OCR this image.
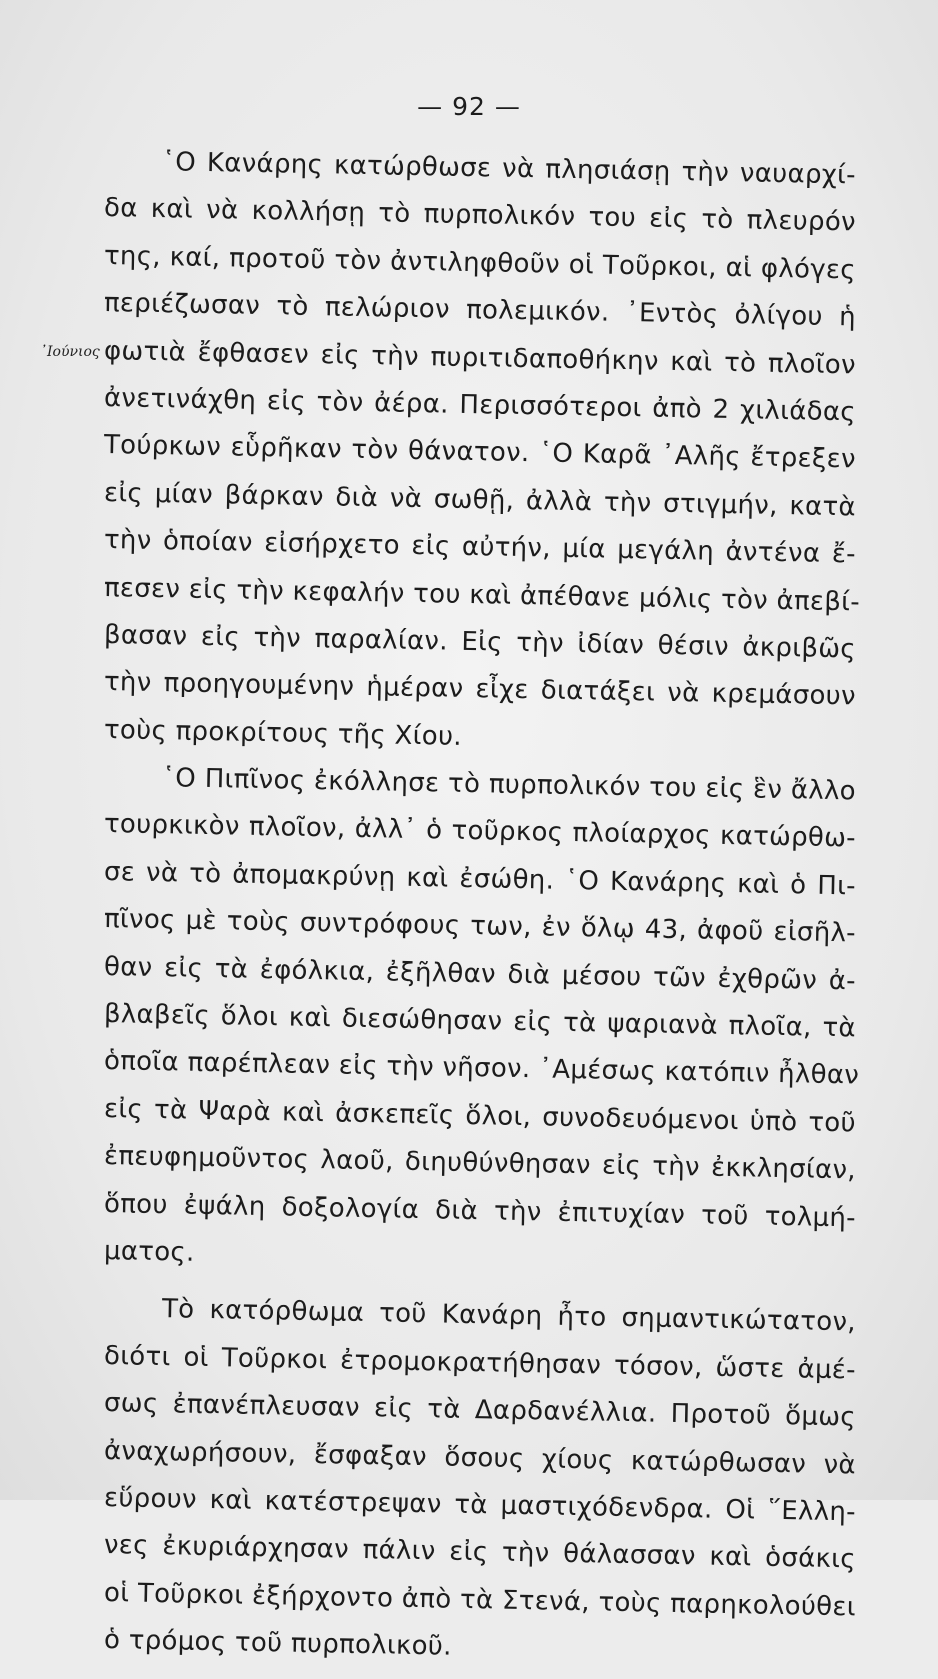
— 92 —
᾿Ιούνιος
῾Ο Κανάρης κατώρθωσε νὰ πλησιάσῃ τὴν ναυαρχί-
δα καὶ νὰ κολλήσῃ τὸ πυρπολικόν του εἰς τὸ πλευρόν
της, καί, προτοῦ τὸν ἀντιληφθοῦν οἱ Τοῦρκοι, αἱ φλόγες
περιέζωσαν τὸ πελώριον πολεμικόν. ᾿Εντὸς ὀλίγου ἡ
φωτιὰ ἔφθασεν εἰς τὴν πυριτιδαποθήκην καὶ τὸ πλοῖον
ἀνετινάχθη εἰς τὸν ἀέρα. Περισσότεροι ἀπὸ 2 χιλιάδας
Τούρκων εὗρῆκαν τὸν θάνατον. ῾Ο Καρᾶ ᾿Αλῆς ἔτρεξεν
εἰς μίαν βάρκαν διὰ νὰ σωθῇ, ἀλλὰ τὴν στιγμήν, κατὰ
τὴν ὁποίαν εἰσήρχετο εἰς αὐτήν, μία μεγάλη ἀντένα ἔ-
πεσεν εἰς τὴν κεφαλήν του καὶ ἀπέθανε μόλις τὸν ἀπεβί-
βασαν εἰς τὴν παραλίαν. Εἰς τὴν ἰδίαν θέσιν ἀκριβῶς
τὴν προηγουμένην ἡμέραν εἶχε διατάξει νὰ κρεμάσουν
τοὺς προκρίτους τῆς Χίου.
῾Ο Πιπῖνος ἐκόλλησε τὸ πυρπολικόν του εἰς ἓν ἄλλο
τουρκικὸν πλοῖον, ἀλλ᾿ ὁ τοῦρκος πλοίαρχος κατώρθω-
σε νὰ τὸ ἀπομακρύνῃ καὶ ἐσώθη. ῾Ο Κανάρης καὶ ὁ Πι-
πῖνος μὲ τοὺς συντρόφους των, ἐν ὅλῳ 43, ἀφοῦ εἰσῆλ-
θαν εἰς τὰ ἐφόλκια, ἐξῆλθαν διὰ μέσου τῶν ἐχθρῶν ἀ-
βλαβεῖς ὅλοι καὶ διεσώθησαν εἰς τὰ ψαριανὰ πλοῖα, τὰ
ὁποῖα παρέπλεαν εἰς τὴν νῆσον. ᾿Αμέσως κατόπιν ἦλθαν
εἰς τὰ Ψαρὰ καὶ ἀσκεπεῖς ὅλοι, συνοδευόμενοι ὑπὸ τοῦ
ἐπευφημοῦντος λαοῦ, διηυθύνθησαν εἰς τὴν ἐκκλησίαν,
ὅπου ἐψάλη δοξολογία διὰ τὴν ἐπιτυχίαν τοῦ τολμή-
ματος.
Τὸ κατόρθωμα τοῦ Κανάρη ἦτο σημαντικώτατον,
διότι οἱ Τοῦρκοι ἐτρομοκρατήθησαν τόσον, ὥστε ἀμέ-
σως ἐπανέπλευσαν εἰς τὰ Δαρδανέλλια. Προτοῦ ὅμως
ἀναχωρήσουν, ἔσφαξαν ὅσους χίους κατώρθωσαν νὰ
εὕρουν καὶ κατέστρεψαν τὰ μαστιχόδενδρα. Οἱ ῞Ελλη-
νες ἐκυριάρχησαν πάλιν εἰς τὴν θάλασσαν καὶ ὁσάκις
οἱ Τοῦρκοι ἐξήρχοντο ἀπὸ τὰ Στενά, τοὺς παρηκολούθει
ὁ τρόμος τοῦ πυρπολικοῦ.
